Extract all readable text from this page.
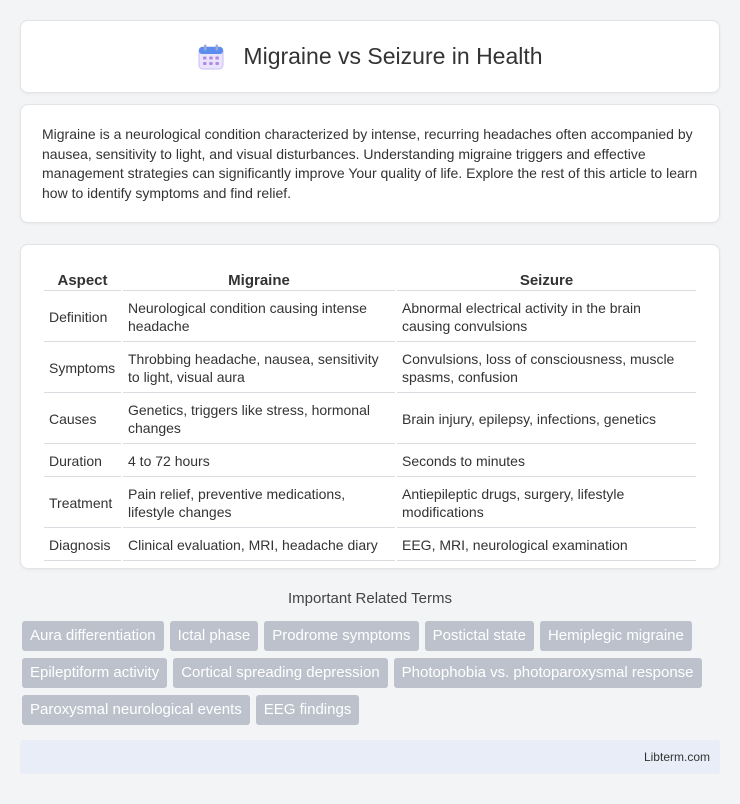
Migraine vs Seizure in Health

Migraine is a neurological condition characterized by intense, recurring headaches often accompanied by nausea, sensitivity to light, and visual disturbances. Understanding migraine triggers and effective management strategies can significantly improve Your quality of life. Explore the rest of this article to learn how to identify symptoms and find relief.

Aspect	Migraine	Seizure
Definition	Neurological condition causing intense headache	Abnormal electrical activity in the brain causing convulsions
Symptoms	Throbbing headache, nausea, sensitivity to light, visual aura	Convulsions, loss of consciousness, muscle spasms, confusion
Causes	Genetics, triggers like stress, hormonal changes	Brain injury, epilepsy, infections, genetics
Duration	4 to 72 hours	Seconds to minutes
Treatment	Pain relief, preventive medications, lifestyle changes	Antiepileptic drugs, surgery, lifestyle modifications
Diagnosis	Clinical evaluation, MRI, headache diary	EEG, MRI, neurological examination
Important Related Terms
Aura differentiation	Ictal phase	Prodrome symptoms	Postictal state	Hemiplegic migraine
Epileptiform activity	Cortical spreading depression	Photophobia vs. photoparoxysmal response
Paroxysmal neurological events	EEG findings
Libterm.com
